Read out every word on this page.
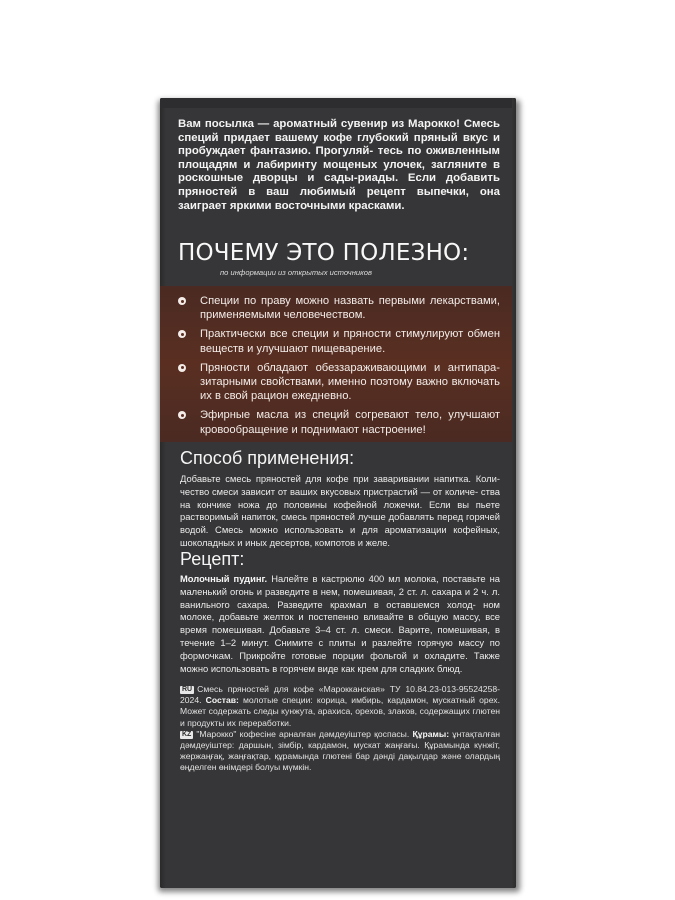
Вам посылка — ароматный сувенир из Марокко! Смесь специй придает вашему кофе глубокий пряный вкус и пробуждает фантазию. Прогуляй- тесь по оживленным площадям и лабиринту мощеных улочек, загляните в роскошные дворцы и сады-риады. Если добавить пряностей в ваш любимый рецепт выпечки, она заиграет яркими восточными красками.

ПОЧЕМУ ЭТО ПОЛЕЗНО:
по информации из открытых источников
Специи по праву можно назвать первыми лекарствами, применяемыми человечеством.
Практически все специи и пряности стимулируют обмен веществ и улучшают пищеварение.
Пряности обладают обеззараживающими и антипара- зитарными свойствами, именно поэтому важно включать их в свой рацион ежедневно.
Эфирные масла из специй согревают тело, улучшают кровообращение и поднимают настроение!
Способ применения:

Добавьте смесь пряностей для кофе при заваривании напитка. Коли- чество смеси зависит от ваших вкусовых пристрастий — от количе- ства на кончике ножа до половины кофейной ложечки. Если вы пьете растворимый напиток, смесь пряностей лучше добавлять перед горячей водой. Смесь можно использовать и для ароматизации кофейных, шоколадных и иных десертов, компотов и желе.

Рецепт:

Молочный пудинг. Налейте в кастрюлю 400 мл молока, поставьте на маленький огонь и разведите в нем, помешивая, 2 ст. л. сахара и 2 ч. л. ванильного сахара. Разведите крахмал в оставшемся холод- ном молоке, добавьте желток и постепенно вливайте в общую массу, все время помешивая. Добавьте 3–4 ст. л. смеси. Варите, помешивая, в течение 1–2 минут. Снимите с плиты и разлейте горячую массу по формочкам. Прикройте готовые порции фольгой и охладите. Также можно использовать в горячем виде как крем для сладких блюд.

RU Смесь пряностей для кофе «Марокканская» ТУ 10.84.23-013-95524258-2024. Состав: молотые специи: корица, имбирь, кардамон, мускатный орех. Может содержать следы кунжута, арахиса, орехов, злаков, содержащих глютен и продукты их переработки.

KZ "Марокко" кофесіне арналған дәмдеуіштер қоспасы. Құрамы: ұнтақталған дәмдеуіштер: даршын, зімбір, кардамон, мускат жаңғағы. Құрамында күнжіт, жержаңғақ, жаңғақтар, құрамында глютені бар дәнді дақылдар және олардың өңделген өнімдері болуы мүмкін.
